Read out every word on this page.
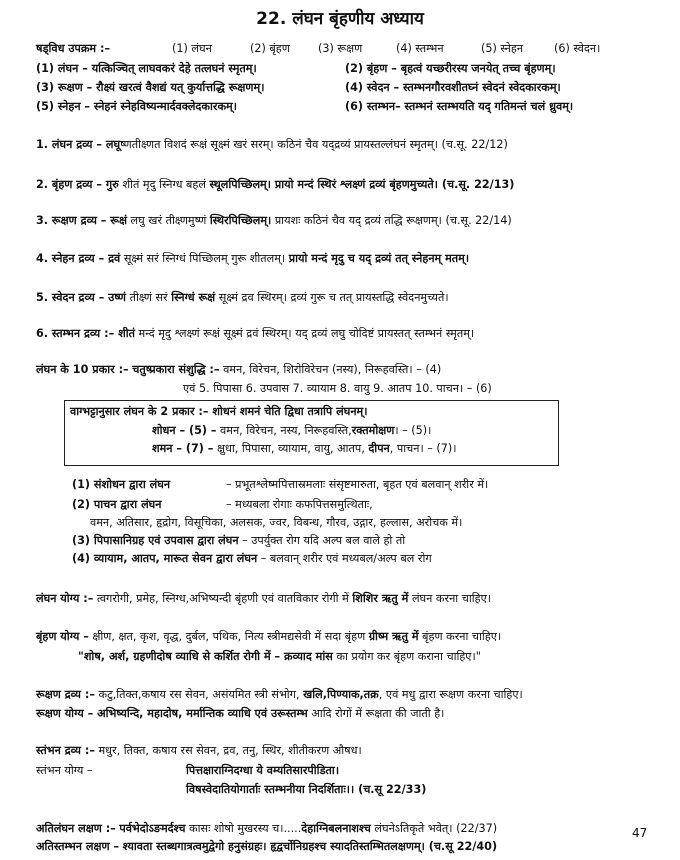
22. लंघन बृंहणीय अध्याय
षड्विध उपक्रम :–	(1) लंघन	(2) बृंहण	(3) रूक्षण	(4) स्तम्भन	(5) स्नेहन	(6) स्वेदन।
(1) लंघन – यत्किञ्चित् लाघवकरं देहे तत्लघनं स्मृतम्।	(2) बृंहण – बृहत्वं यच्छरीरस्य जनयेत् तच्च बृंहणम्।
(3) रूक्षण – रौक्ष्यं खरत्वं वैशद्यं यत् कुर्यात्तद्धि रूक्षणम्।	(4) स्वेदन – स्तम्भनगौरवशीतघ्नं स्वेदनं स्वेदकारकम्।
(5) स्नेहन – स्नेहनं स्नेहविष्यन्मार्दवक्लेदकारकम्।	(6) स्तम्भन– स्तम्भनं स्तम्भयति यद् गतिमन्तं चलं ध्रुवम्।
1. लंघन द्रव्य – लघूष्णतीक्ष्णत विशदं रूक्षं सूक्ष्मं खरं सरम्। कठिनं चैव यद्द्रव्यं प्रायस्तल्लंघनं स्मृतम्। (च.सू. 22/12)
2. बृंहण द्रव्य – गुरु शीतं मृदु स्निग्ध बहलं स्थूलपिच्छिलम्। प्रायो मन्दं स्थिरं श्लक्ष्णं द्रव्यं बृंहणमुच्यते। (च.सू. 22/13)
3. रूक्षण द्रव्य – रूक्षं लघु खरं तीक्ष्णमुष्णं स्थिरपिच्छिलम्। प्रायशः कठिनं चैव यद् द्रव्यं तद्धि रूक्षणम्। (च.सू. 22/14)
4. स्नेहन द्रव्य – द्रवं सूक्ष्मं सरं स्निग्धं पिच्छिलम् गुरू शीतलम्। प्रायो मन्दं मृदु च यद् द्रव्यं तत् स्नेहनम् मतम्।
5. स्वेदन द्रव्य – उष्णं तीक्ष्णं सरं स्निग्धं रूक्षं सूक्ष्मं द्रव स्थिरम्। द्रव्यं गुरू च तत् प्रायस्तद्धि स्वेदनमुच्यते।
6. स्तम्भन द्रव्य :– शीतं मन्दं मृदु श्लक्ष्णं रूक्षं सूक्ष्मं द्रवं स्थिरम्। यद् द्रव्यं लघु चोदिष्टं प्रायस्तत् स्तम्भनं स्मृतम्।
लंघन के 10 प्रकार :– चतुष्प्रकारा संशुद्धि :– वमन, विरेचन, शिरोविरेचन (नस्य), निरूहवस्ति। – (4)
एवं 5. पिपासा 6. उपवास 7. व्यायाम 8. वायु 9. आतप 10. पाचन। – (6)
वाग्भट्टानुसार लंघन के 2 प्रकार :– शोधनं शमनं चेति द्विधा तत्रापि लंघनम्।
शोधन – (5) – वमन, विरेचन, नस्य, निरूहवस्ति,रक्तमोक्षण। – (5)।
शमन – (7) – क्षुधा, पिपासा, व्यायाम, वायु, आतप, दीपन, पाचन। – (7)।
(1) संशोधन द्वारा लंघन	– प्रभूतश्लेष्मपित्तास्रमलाः संसृष्टमारुता, बृहत एवं बलवान् शरीर में।
(2) पाचन द्वारा लंघन	– मध्यबला रोगाः कफपित्तसमुत्थिताः,
वमन, अतिसार, हृद्रोग, विसूचिका, अलसक, ज्वर, विबन्ध, गौरव, उद्गार, हल्लास, अरोचक में।
(3) पिपासानिग्रह एवं उपवास द्वारा लंघन – उपर्युक्त रोग यदि अल्प बल वाले हो तो
(4) व्यायाम, आतप, मारूत सेवन द्वारा लंघन – बलवान् शरीर एवं मध्यबल/अल्प बल रोग
लंघन योग्य :– त्वगरोगी, प्रमेह, स्निग्ध,अभिष्यन्दी बृंहणी एवं वातविकार रोगी में शिशिर ऋतु में लंघन करना चाहिए।
बृंहण योग्य – क्षीण, क्षत, कृश, वृद्ध, दुर्बल, पथिक, नित्य स्त्रीमद्यसेवी में सदा बृंहण ग्रीष्म ऋतु में बृंहण करना चाहिए।
"शोष, अर्श, ग्रहणीदोष व्याधि से कर्शित रोगी में – क्रव्याद मांस का प्रयोग कर बृंहण कराना चाहिए।"
रूक्षण द्रव्य :– कटु,तिक्त,कषाय रस सेवन, असंयमित स्त्री संभोग, खलि,पिण्याक,तक्र, एवं मधु द्वारा रूक्षण करना चाहिए।
रूक्षण योग्य – अभिष्यन्दि, महादोष, मर्मान्तिक व्याधि एवं उरूस्तम्भ आदि रोगों में रूक्षता की जाती है।
स्तंभन द्रव्य :– मधुर, तिक्त, कषाय रस सेवन, द्रव, तनु, स्थिर, शीतीकरण औषध।
स्तंभन योग्य –	पित्तक्षाराग्निदग्धा ये वम्यतिसारपीडिता।
विषस्वेदातियोगार्ताः स्तम्भनीया निदर्शिताः।। (च.सू 22/33)
अतिलंघन लक्षण :– पर्वभेदोऽङमर्दश्च कासः शोषो मुखरस्य च।.....देहाग्निबलनाशश्च लंघनेऽतिकृते भवेत्। (22/37)
अतिस्तम्भन लक्षण – श्यावता स्तब्धगात्रत्वमुद्वेगो हनुसंग्रहः। हृद्वर्चोनिग्रहश्च स्यादतिस्तम्भितलक्षणम्। (च.सू 22/40)
47
